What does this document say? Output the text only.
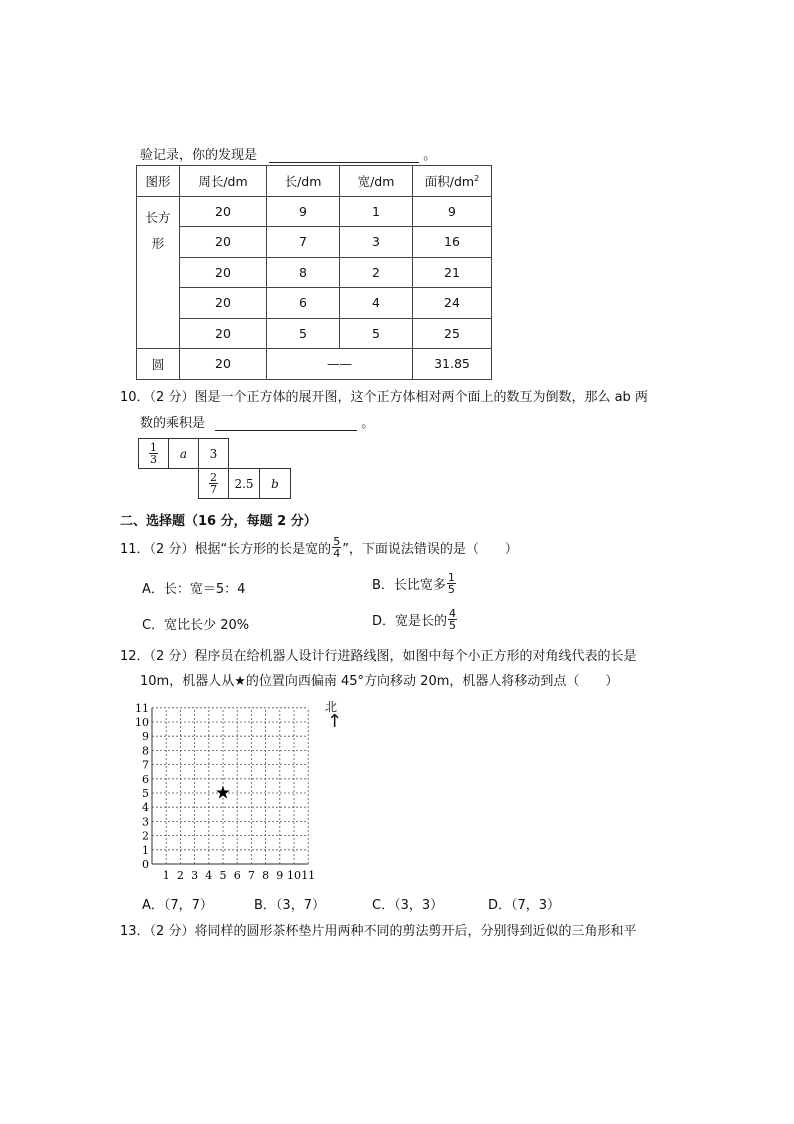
验记录，你的发现是	。
图形	周长/dm	长/dm	宽/dm	面积$/dm^2$

长方
形	20	9	1	9
	20	7	3	16
	20	8	2	21
	20	6	4	24
	20	5	5	25
圆	20	——		31.85
10．（2 分）图是一个正方体的展开图，这个正方体相对两个面上的数互为倒数，那么 ab 两
数的乘积是	。
$\frac{1}{3}$	a	3
$\frac{2}{7}$	2.5	b
二、选择题（16 分，每题 2 分）
11．（2 分）根据“长方形的长是宽的 $\frac{5}{4}$ ”，下面说法错误的是（　　）
A．长：宽＝5：4	B．长比宽多 $\frac{1}{5}$
C．宽比长少 20%	D．宽是长的 $\frac{4}{5}$
12．（2 分）程序员在给机器人设计行进路线图，如图中每个小正方形的对角线代表的长是
10m，机器人从★的位置向西偏南 45°方向移动 20m，机器人将移动到点（　　）
11
10
9
8
7
6
5
4
3
2
1
0
1 2 3 4 5 6 7 8 9 10 11
★
北
↑
A．（7，7）	B．（3，7）	C．（3，3）	D．（7，3）
13．（2 分）将同样的圆形茶杯垫片用两种不同的剪法剪开后，分别得到近似的三角形和平
